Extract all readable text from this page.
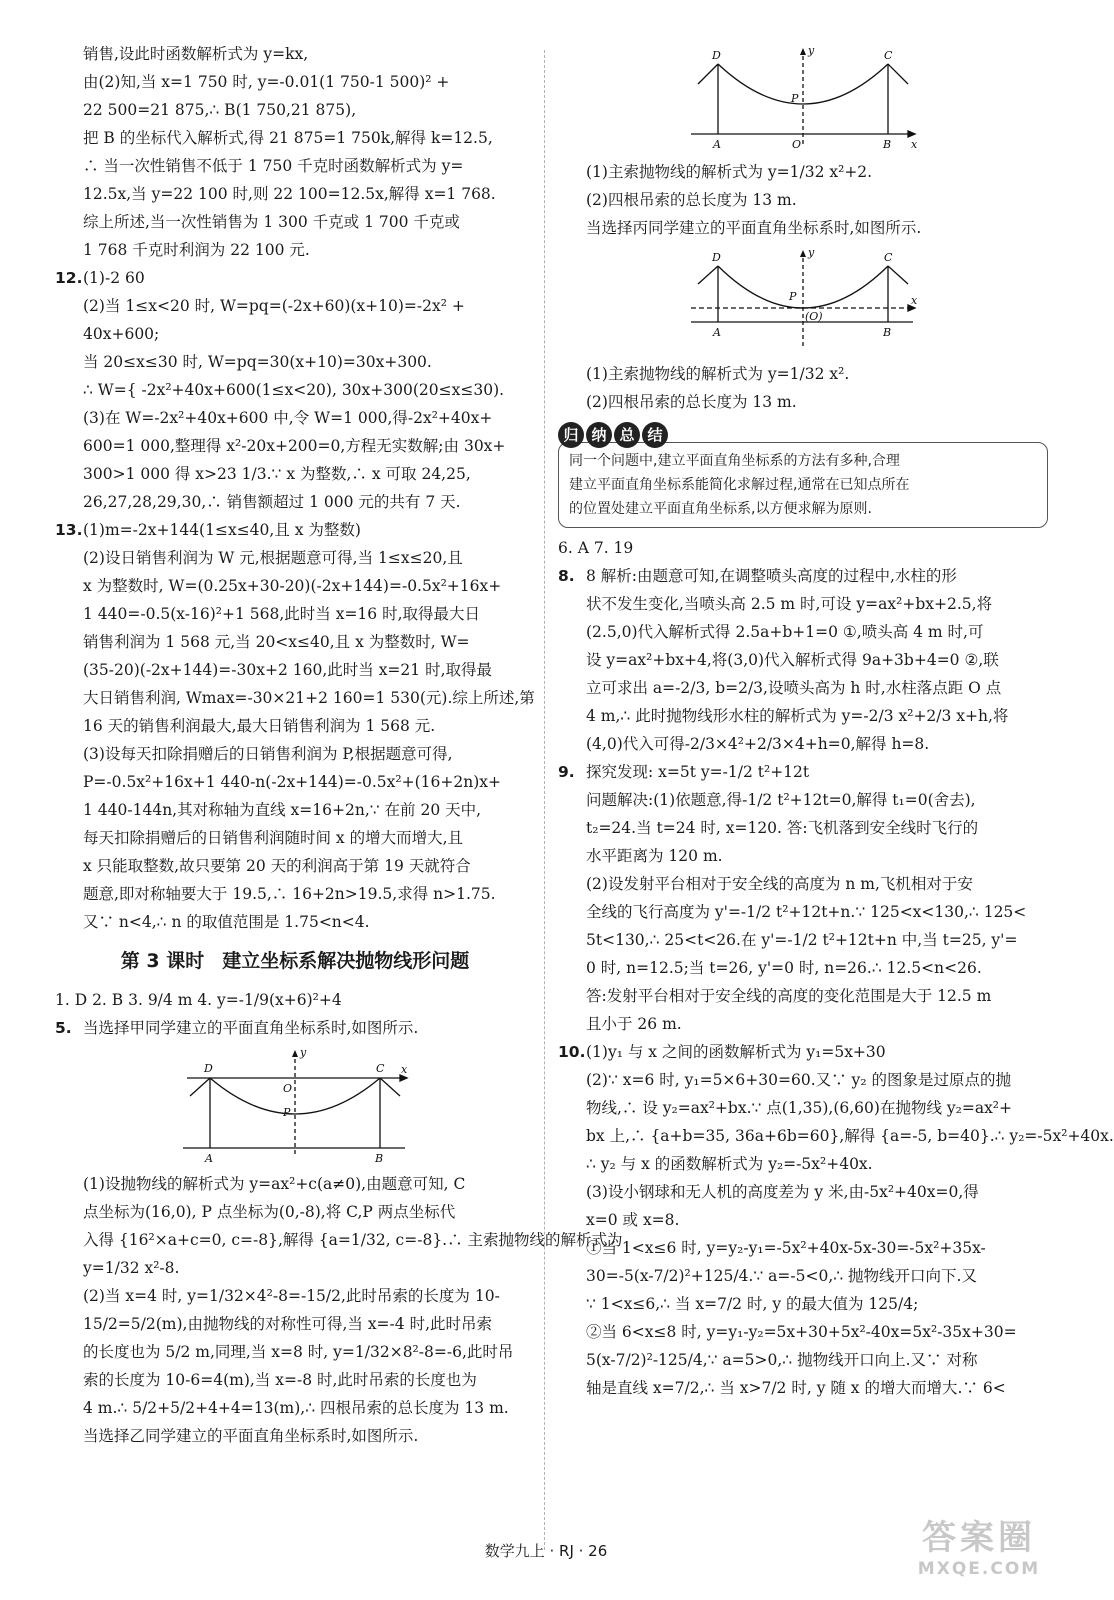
销售,设此时函数解析式为 y=kx,
由(2)知,当 x=1 750 时, y=-0.01(1 750-1 500)² +
22 500=21 875,∴ B(1 750,21 875),
把 B 的坐标代入解析式,得 21 875=1 750k,解得 k=12.5,
∴ 当一次性销售不低于 1 750 千克时函数解析式为 y=
12.5x,当 y=22 100 时,则 22 100=12.5x,解得 x=1 768.
综上所述,当一次性销售为 1 300 千克或 1 700 千克或
1 768 千克时利润为 22 100 元.
12.(1)-2 60
(2)当 1≤x<20 时, W=pq=(-2x+60)(x+10)=-2x² +
40x+600;
当 20≤x≤30 时, W=pq=30(x+10)=30x+300.
∴ W={ -2x²+40x+600(1≤x<20), 30x+300(20≤x≤30).
(3)在 W=-2x²+40x+600 中,令 W=1 000,得-2x²+40x+
600=1 000,整理得 x²-20x+200=0,方程无实数解;由 30x+
300>1 000 得 x>23 1/3.∵ x 为整数,∴ x 可取 24,25,
26,27,28,29,30,∴ 销售额超过 1 000 元的共有 7 天.
13.(1)m=-2x+144(1≤x≤40,且 x 为整数)
(2)设日销售利润为 W 元,根据题意可得,当 1≤x≤20,且
x 为整数时, W=(0.25x+30-20)(-2x+144)=-0.5x²+16x+
1 440=-0.5(x-16)²+1 568,此时当 x=16 时,取得最大日
销售利润为 1 568 元,当 20<x≤40,且 x 为整数时, W=
(35-20)(-2x+144)=-30x+2 160,此时当 x=21 时,取得最
大日销售利润, Wmax=-30×21+2 160=1 530(元).综上所述,第
16 天的销售利润最大,最大日销售利润为 1 568 元.
(3)设每天扣除捐赠后的日销售利润为 P,根据题意可得,
P=-0.5x²+16x+1 440-n(-2x+144)=-0.5x²+(16+2n)x+
1 440-144n,其对称轴为直线 x=16+2n,∵ 在前 20 天中,
每天扣除捐赠后的日销售利润随时间 x 的增大而增大,且
x 只能取整数,故只要第 20 天的利润高于第 19 天就符合
题意,即对称轴要大于 19.5,∴ 16+2n>19.5,求得 n>1.75.
又∵ n<4,∴ n 的取值范围是 1.75<n<4.
第 3 课时 建立坐标系解决抛物线形问题
1. D 2. B 3. 9/4 m 4. y=-1/9(x+6)²+4
5. 当选择甲同学建立的平面直角坐标系时,如图所示.
D	C
O
P
A	B
x
y
(1)设抛物线的解析式为 y=ax²+c(a≠0),由题意可知, C
点坐标为(16,0), P 点坐标为(0,-8),将 C,P 两点坐标代
入得 {16²×a+c=0, c=-8},解得 {a=1/32, c=-8}.∴ 主索抛物线的解析式为
y=1/32 x²-8.
(2)当 x=4 时, y=1/32×4²-8=-15/2,此时吊索的长度为 10-
15/2=5/2(m),由抛物线的对称性可得,当 x=-4 时,此时吊索
的长度也为 5/2 m,同理,当 x=8 时, y=1/32×8²-8=-6,此时吊
索的长度为 10-6=4(m),当 x=-8 时,此时吊索的长度也为
4 m.∴ 5/2+5/2+4+4=13(m),∴ 四根吊索的总长度为 13 m.
当选择乙同学建立的平面直角坐标系时,如图所示.
D	C
P
O
A	B x
y
(1)主索抛物线的解析式为 y=1/32 x²+2.
(2)四根吊索的总长度为 13 m.
当选择丙同学建立的平面直角坐标系时,如图所示.
D	C
P
(O)
A	B
x
y
(1)主索抛物线的解析式为 y=1/32 x².
(2)四根吊索的总长度为 13 m.
归 纳 总 结
同一个问题中,建立平面直角坐标系的方法有多种,合理
建立平面直角坐标系能简化求解过程,通常在已知点所在
的位置处建立平面直角坐标系,以方便求解为原则.
6. A 7. 19
8. 8 解析:由题意可知,在调整喷头高度的过程中,水柱的形
状不发生变化,当喷头高 2.5 m 时,可设 y=ax²+bx+2.5,将
(2.5,0)代入解析式得 2.5a+b+1=0 ①,喷头高 4 m 时,可
设 y=ax²+bx+4,将(3,0)代入解析式得 9a+3b+4=0 ②,联
立可求出 a=-2/3, b=2/3,设喷头高为 h 时,水柱落点距 O 点
4 m,∴ 此时抛物线形水柱的解析式为 y=-2/3 x²+2/3 x+h,将
(4,0)代入可得-2/3×4²+2/3×4+h=0,解得 h=8.
9. 探究发现: x=5t y=-1/2 t²+12t
问题解决:(1)依题意,得-1/2 t²+12t=0,解得 t₁=0(舍去),
t₂=24.当 t=24 时, x=120. 答:飞机落到安全线时飞行的
水平距离为 120 m.
(2)设发射平台相对于安全线的高度为 n m,飞机相对于安
全线的飞行高度为 y'=-1/2 t²+12t+n.∵ 125<x<130,∴ 125<
5t<130,∴ 25<t<26.在 y'=-1/2 t²+12t+n 中,当 t=25, y'=
0 时, n=12.5;当 t=26, y'=0 时, n=26.∴ 12.5<n<26.
答:发射平台相对于安全线的高度的变化范围是大于 12.5 m
且小于 26 m.
10.(1)y₁ 与 x 之间的函数解析式为 y₁=5x+30
(2)∵ x=6 时, y₁=5×6+30=60.又∵ y₂ 的图象是过原点的抛
物线,∴ 设 y₂=ax²+bx.∵ 点(1,35),(6,60)在抛物线 y₂=ax²+
bx 上,∴ {a+b=35, 36a+6b=60},解得 {a=-5, b=40}.∴ y₂=-5x²+40x.
∴ y₂ 与 x 的函数解析式为 y₂=-5x²+40x.
(3)设小钢球和无人机的高度差为 y 米,由-5x²+40x=0,得
x=0 或 x=8.
①当 1<x≤6 时, y=y₂-y₁=-5x²+40x-5x-30=-5x²+35x-
30=-5(x-7/2)²+125/4.∵ a=-5<0,∴ 抛物线开口向下.又
∵ 1<x≤6,∴ 当 x=7/2 时, y 的最大值为 125/4;
②当 6<x≤8 时, y=y₁-y₂=5x+30+5x²-40x=5x²-35x+30=
5(x-7/2)²-125/4,∵ a=5>0,∴ 抛物线开口向上.又∵ 对称
轴是直线 x=7/2,∴ 当 x>7/2 时, y 随 x 的增大而增大.∵ 6<
数学九上 · RJ · 26	答案圈
MXQE.COM
